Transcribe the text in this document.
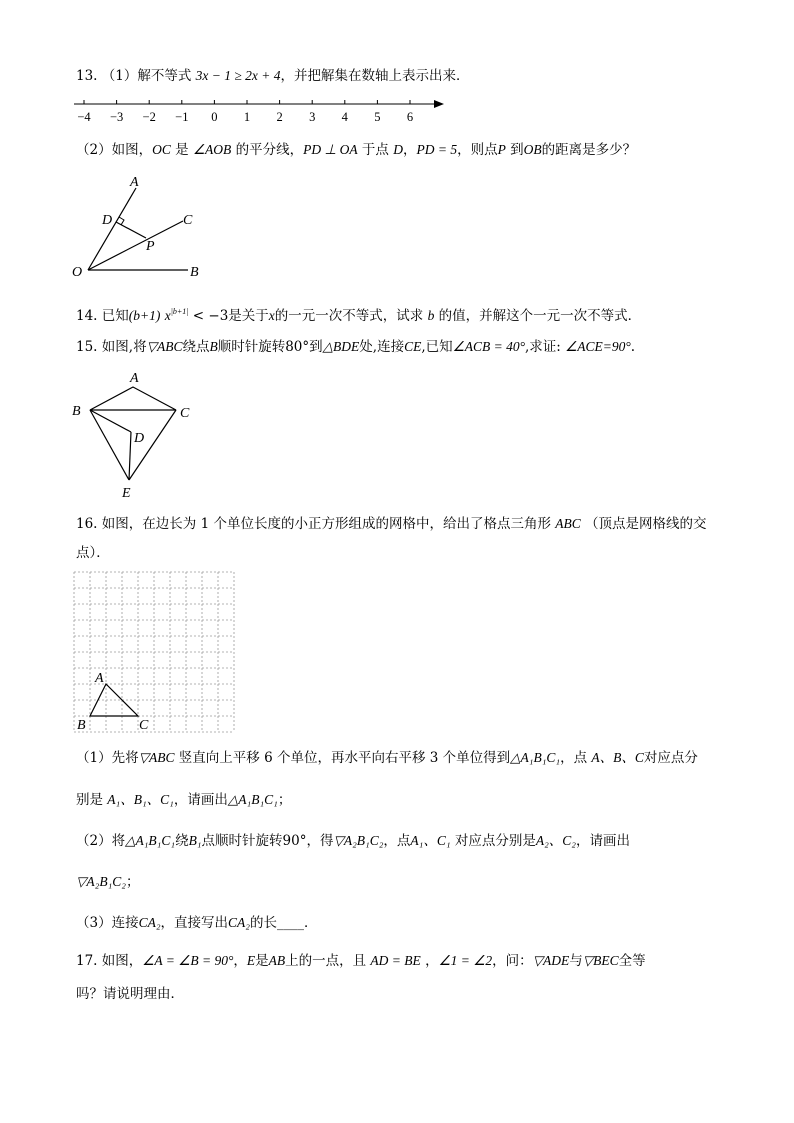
13. （1）解不等式 3x − 1 ≥ 2x + 4，并把解集在数轴上表示出来．
−4 −3 −2 −1 0 1 2 3 4 5 6
（2）如图，OC 是 ∠AOB 的平分线，PD ⊥ OA 于点 D，PD = 5，则点P 到OB的距离是多少？
A
D	C
P
O	B
14. 已知(b+1) $x^{|b+1|} < -3$是关于x的一元一次不等式，试求 b 的值，并解这个一元一次不等式．
15. 如图,将▽ABC绕点B顺时针旋转80°到△BDE处,连接CE,已知∠ACB = 40°,求证: ∠ACE=90°.
A
B	C
D
E
16. 如图，在边长为 1 个单位长度的小正方形组成的网格中，给出了格点三角形 ABC （顶点是网格线的交
点）．
A
B	C
（1）先将▽ABC 竖直向上平移 6 个单位，再水平向右平移 3 个单位得到△A₁B₁C₁，点 A、B、C对应点分
别是 A₁、B₁、C₁，请画出△A₁B₁C₁；
（2）将△A₁B₁C₁绕B₁点顺时针旋转90°，得▽A₂B₁C₂，点A₁、C₁ 对应点分别是A₂、C₂，请画出
▽A₂B₁C₂；
（3）连接CA₂，直接写出CA₂的长____．
17. 如图，∠A = ∠B = 90°，E是AB上的一点，且 AD = BE ，∠1 = ∠2，问：▽ADE与▽BEC全等
吗？请说明理由．
